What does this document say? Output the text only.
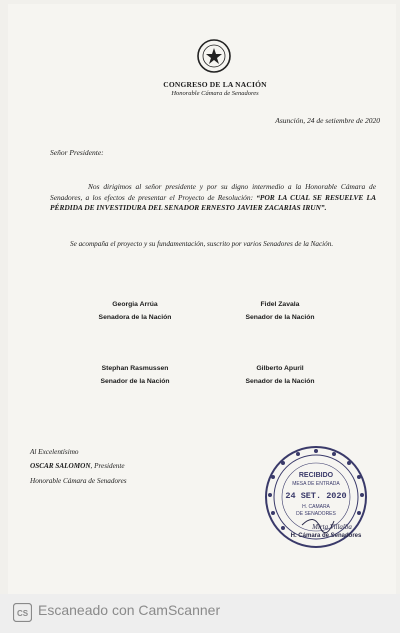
CONGRESO DE LA NACIÓN
Honorable Cámara de Senadores
Asunción, 24 de setiembre de 2020
Señor Presidente:
Nos dirigimos al señor presidente y por su digno intermedio a la Honorable Cámara de Senadores, a los efectos de presentar el Proyecto de Resolución: “POR LA CUAL SE RESUELVE LA PÉRDIDA DE INVESTIDURA DEL SENADOR ERNESTO JAVIER ZACARIAS IRUN”.
Se acompaña el proyecto y su fundamentación, suscrito por varios Senadores de la Nación.
Georgia Arrúa
Senadora de la Nación
Fidel Zavala
Senador de la Nación
Stephan Rasmussen
Senador de la Nación
Gilberto Apuril
Senador de la Nación
Al Excelentísimo
OSCAR SALOMON, Presidente
Honorable Cámara de Senadores
RECIBIDO
MESA DE ENTRADA
24 SET. 2020
H. CAMARA
DE SENADORES
Mirta Villalba
H. Cámara de Senadores
CS Escaneado con CamScanner
